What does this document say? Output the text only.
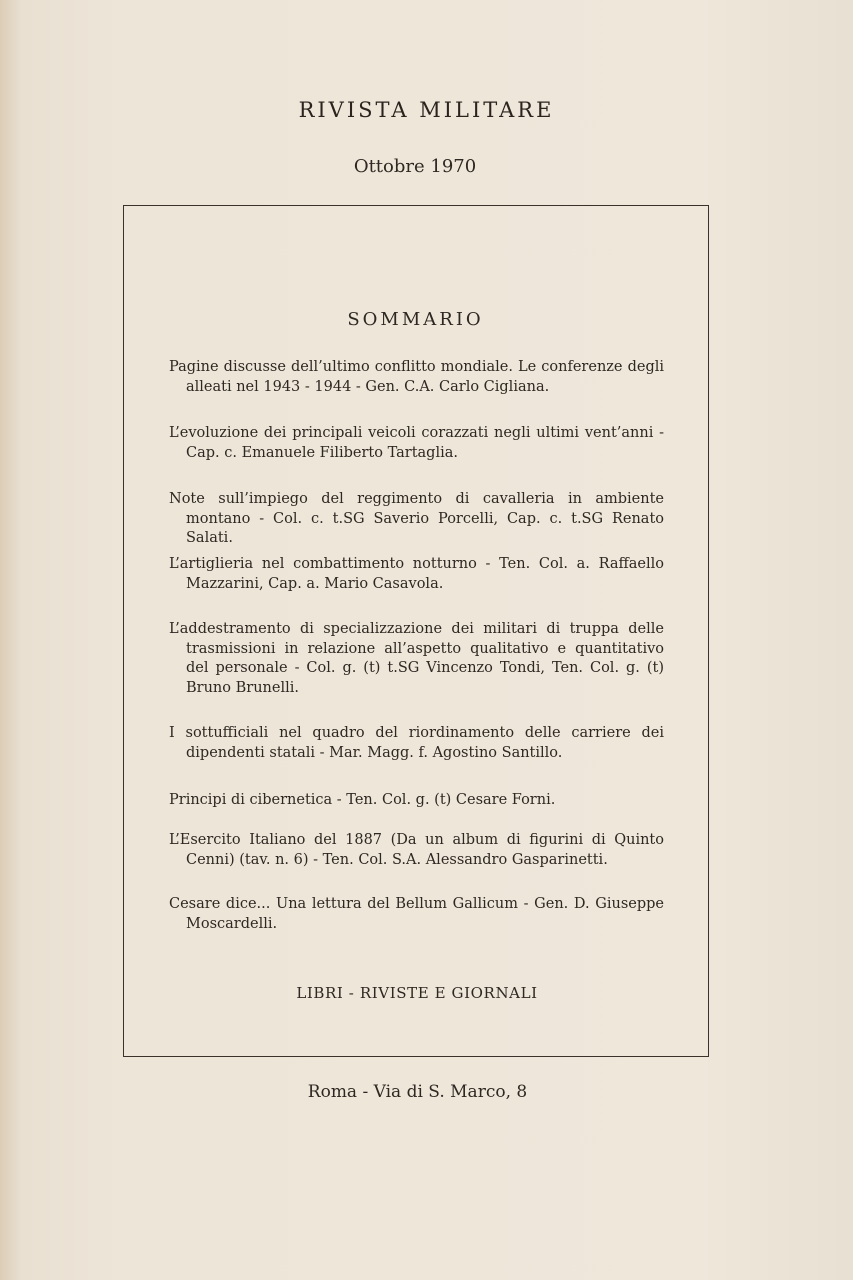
RIVISTA MILITARE
Ottobre 1970
SOMMARIO
Pagine discusse dell’ultimo conflitto mondiale. Le conferenze degli alleati nel 1943 - 1944 - Gen. C.A. Carlo Cigliana.
L’evoluzione dei principali veicoli corazzati negli ultimi vent’anni - Cap. c. Emanuele Filiberto Tartaglia.
Note sull’impiego del reggimento di cavalleria in ambiente montano - Col. c. t.SG Saverio Porcelli, Cap. c. t.SG Renato Salati.
L’artiglieria nel combattimento notturno - Ten. Col. a. Raffaello Mazzarini, Cap. a. Mario Casavola.
L’addestramento di specializzazione dei militari di truppa delle trasmissioni in relazione all’aspetto qualitativo e quantitativo del personale - Col. g. (t) t.SG Vincenzo Tondi, Ten. Col. g. (t) Bruno Brunelli.
I sottufficiali nel quadro del riordinamento delle carriere dei dipendenti statali - Mar. Magg. f. Agostino Santillo.
Principi di cibernetica - Ten. Col. g. (t) Cesare Forni.
L’Esercito Italiano del 1887 (Da un album di figurini di Quinto Cenni) (tav. n. 6) - Ten. Col. S.A. Alessandro Gasparinetti.
Cesare dice... Una lettura del Bellum Gallicum - Gen. D. Giuseppe Moscardelli.
LIBRI - RIVISTE E GIORNALI
Roma - Via di S. Marco, 8
